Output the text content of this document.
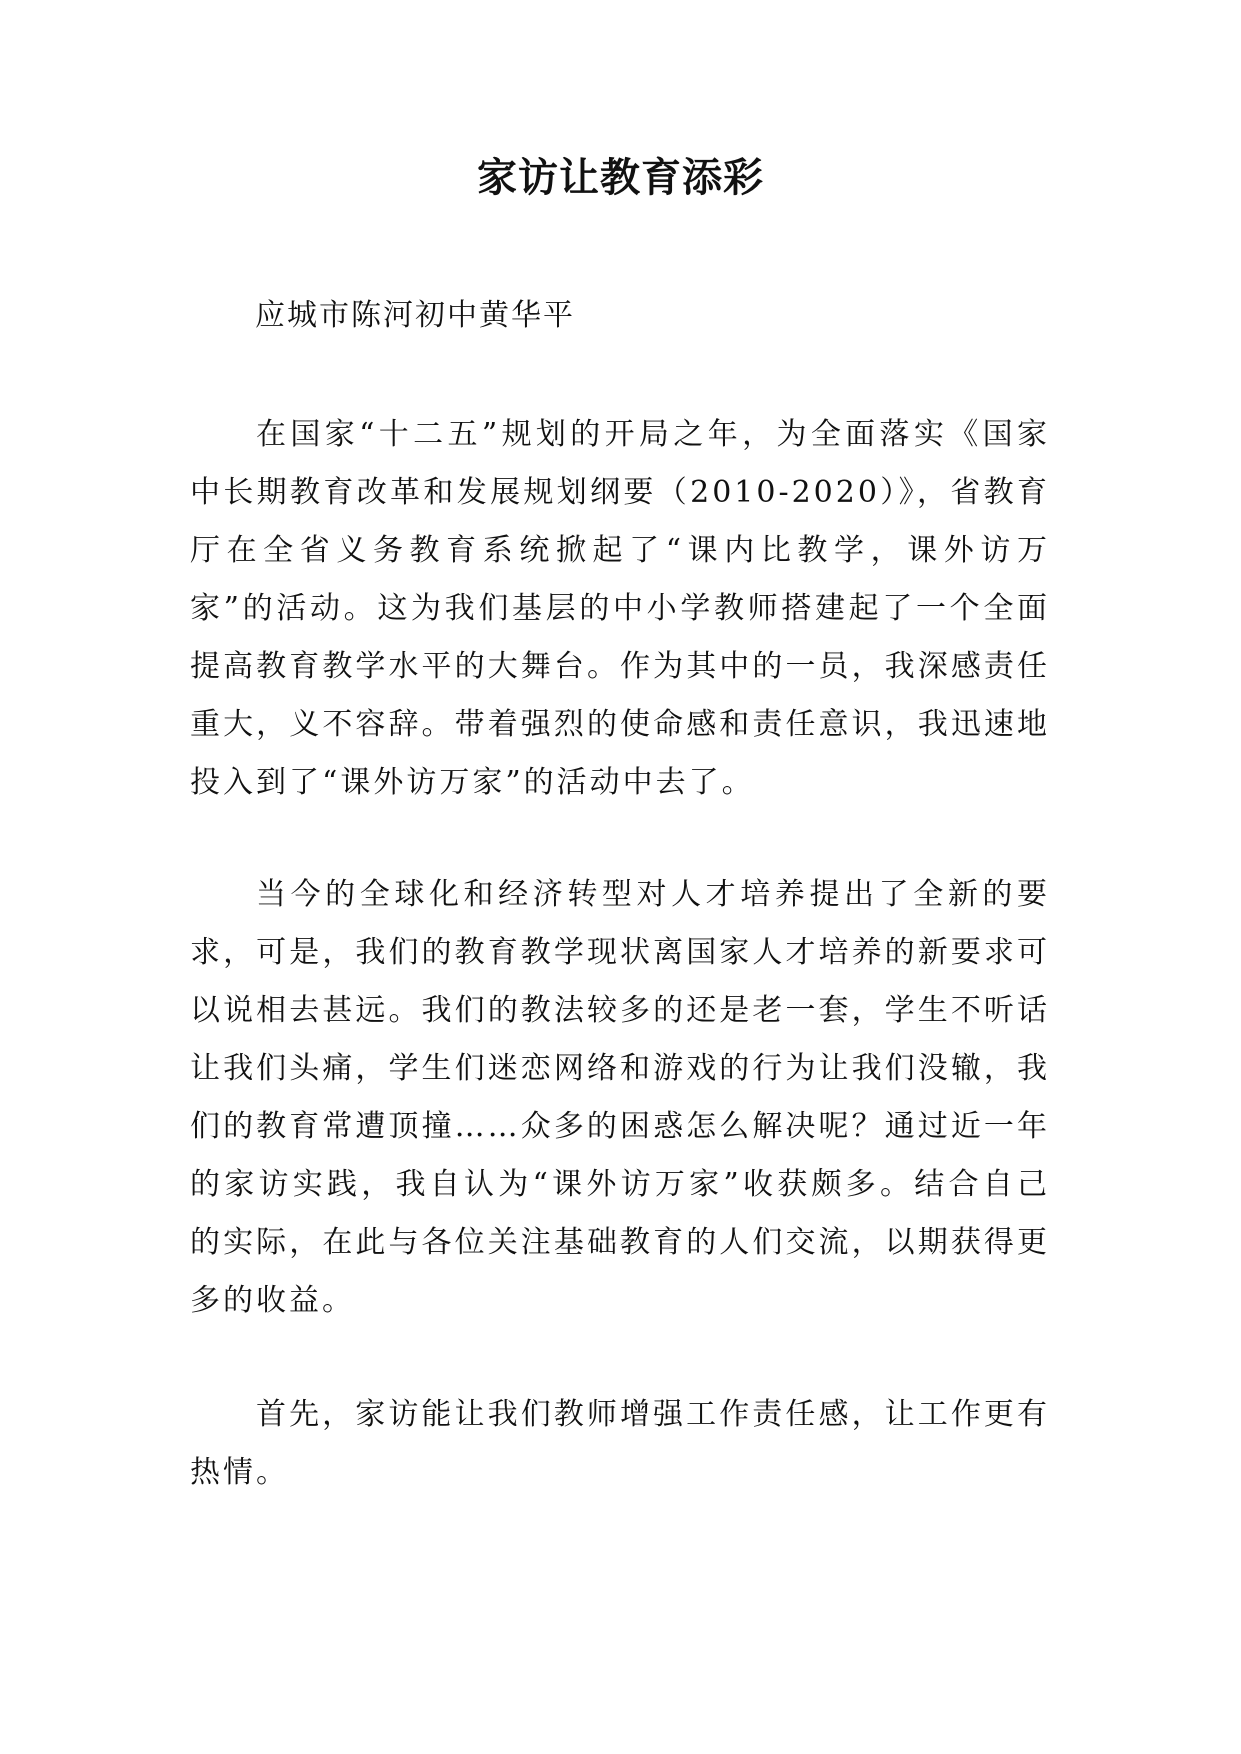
家访让教育添彩
应城市陈河初中黄华平

在国家“十二五”规划的开局之年，为全面落实《国家中长期教育改革和发展规划纲要（2010-2020）》，省教育厅在全省义务教育系统掀起了“课内比教学，课外访万家”的活动。这为我们基层的中小学教师搭建起了一个全面提高教育教学水平的大舞台。作为其中的一员，我深感责任重大，义不容辞。带着强烈的使命感和责任意识，我迅速地投入到了“课外访万家”的活动中去了。

当今的全球化和经济转型对人才培养提出了全新的要求，可是，我们的教育教学现状离国家人才培养的新要求可以说相去甚远。我们的教法较多的还是老一套，学生不听话让我们头痛，学生们迷恋网络和游戏的行为让我们没辙，我们的教育常遭顶撞……众多的困惑怎么解决呢？通过近一年的家访实践，我自认为“课外访万家”收获颇多。结合自己的实际，在此与各位关注基础教育的人们交流，以期获得更多的收益。

首先，家访能让我们教师增强工作责任感，让工作更有热情。
